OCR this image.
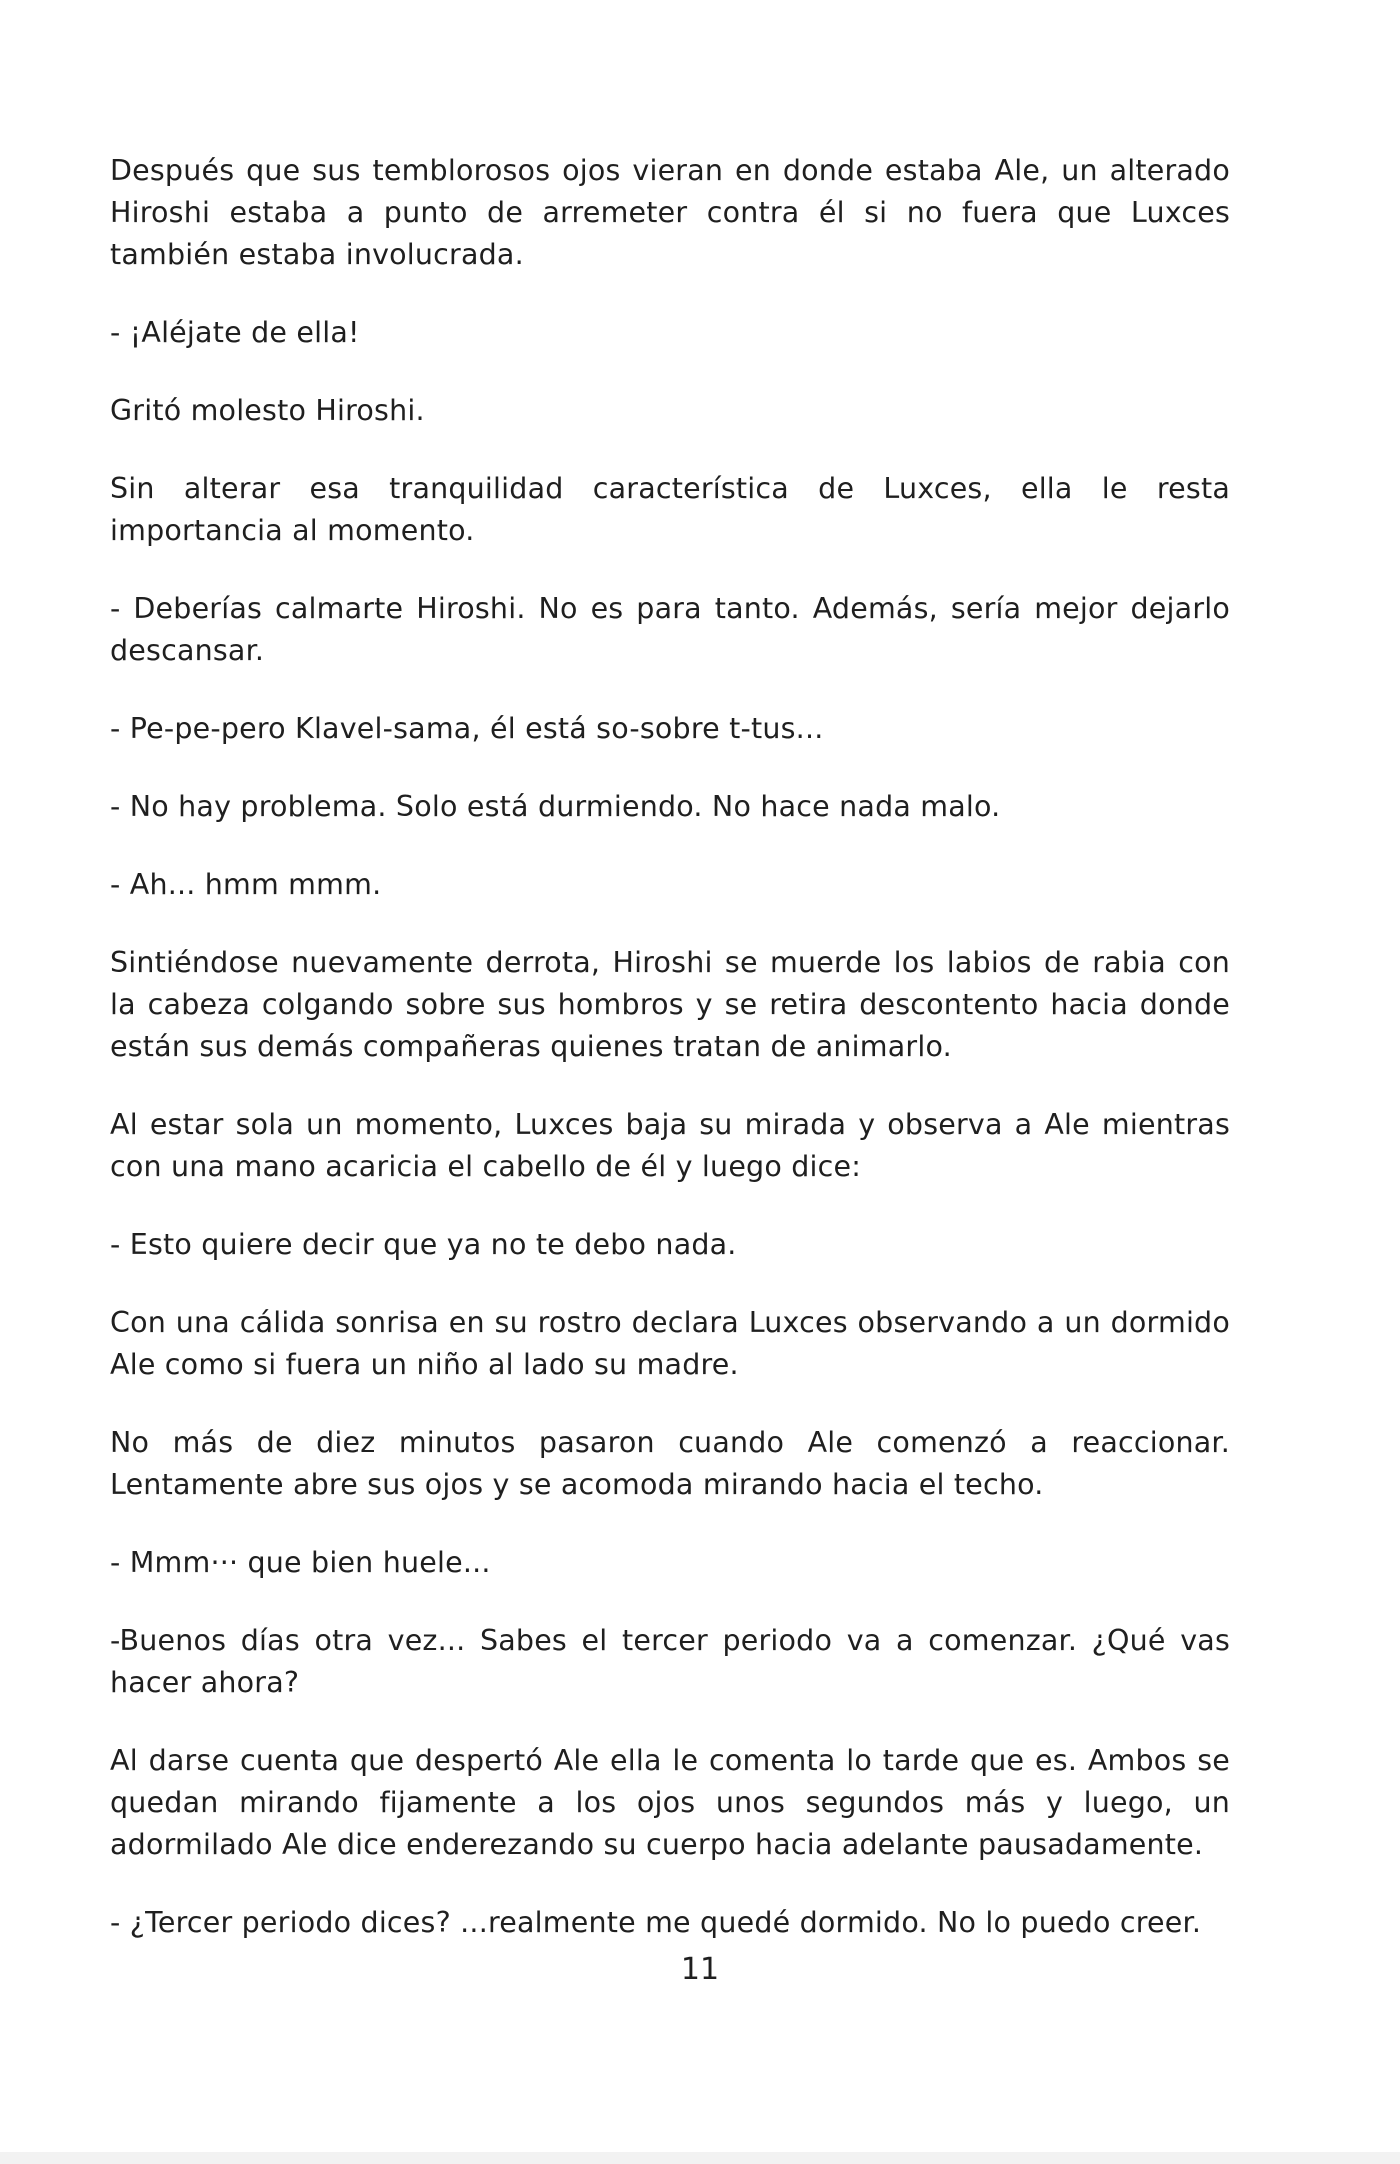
Después que sus temblorosos ojos vieran en donde estaba Ale, un alterado Hiroshi estaba a punto de arremeter contra él si no fuera que Luxces también estaba involucrada.

- ¡Aléjate de ella!

Gritó molesto Hiroshi.

Sin alterar esa tranquilidad característica de Luxces, ella le resta importancia al momento.

- Deberías calmarte Hiroshi. No es para tanto. Además, sería mejor dejarlo descansar.

- Pe-pe-pero Klavel-sama, él está so-sobre t-tus...

- No hay problema. Solo está durmiendo. No hace nada malo.

- Ah... hmm mmm.

Sintiéndose nuevamente derrota, Hiroshi se muerde los labios de rabia con la cabeza colgando sobre sus hombros y se retira descontento hacia donde están sus demás compañeras quienes tratan de animarlo.

Al estar sola un momento, Luxces baja su mirada y observa a Ale mientras con una mano acaricia el cabello de él y luego dice:

- Esto quiere decir que ya no te debo nada.

Con una cálida sonrisa en su rostro declara Luxces observando a un dormido Ale como si fuera un niño al lado su madre.

No más de diez minutos pasaron cuando Ale comenzó a reaccionar. Lentamente abre sus ojos y se acomoda mirando hacia el techo.

- Mmm··· que bien huele...

-Buenos días otra vez... Sabes el tercer periodo va a comenzar. ¿Qué vas hacer ahora?

Al darse cuenta que despertó Ale ella le comenta lo tarde que es. Ambos se quedan mirando fijamente a los ojos unos segundos más y luego, un adormilado Ale dice enderezando su cuerpo hacia adelante pausadamente.

- ¿Tercer periodo dices? ...realmente me quedé dormido. No lo puedo creer.

11
